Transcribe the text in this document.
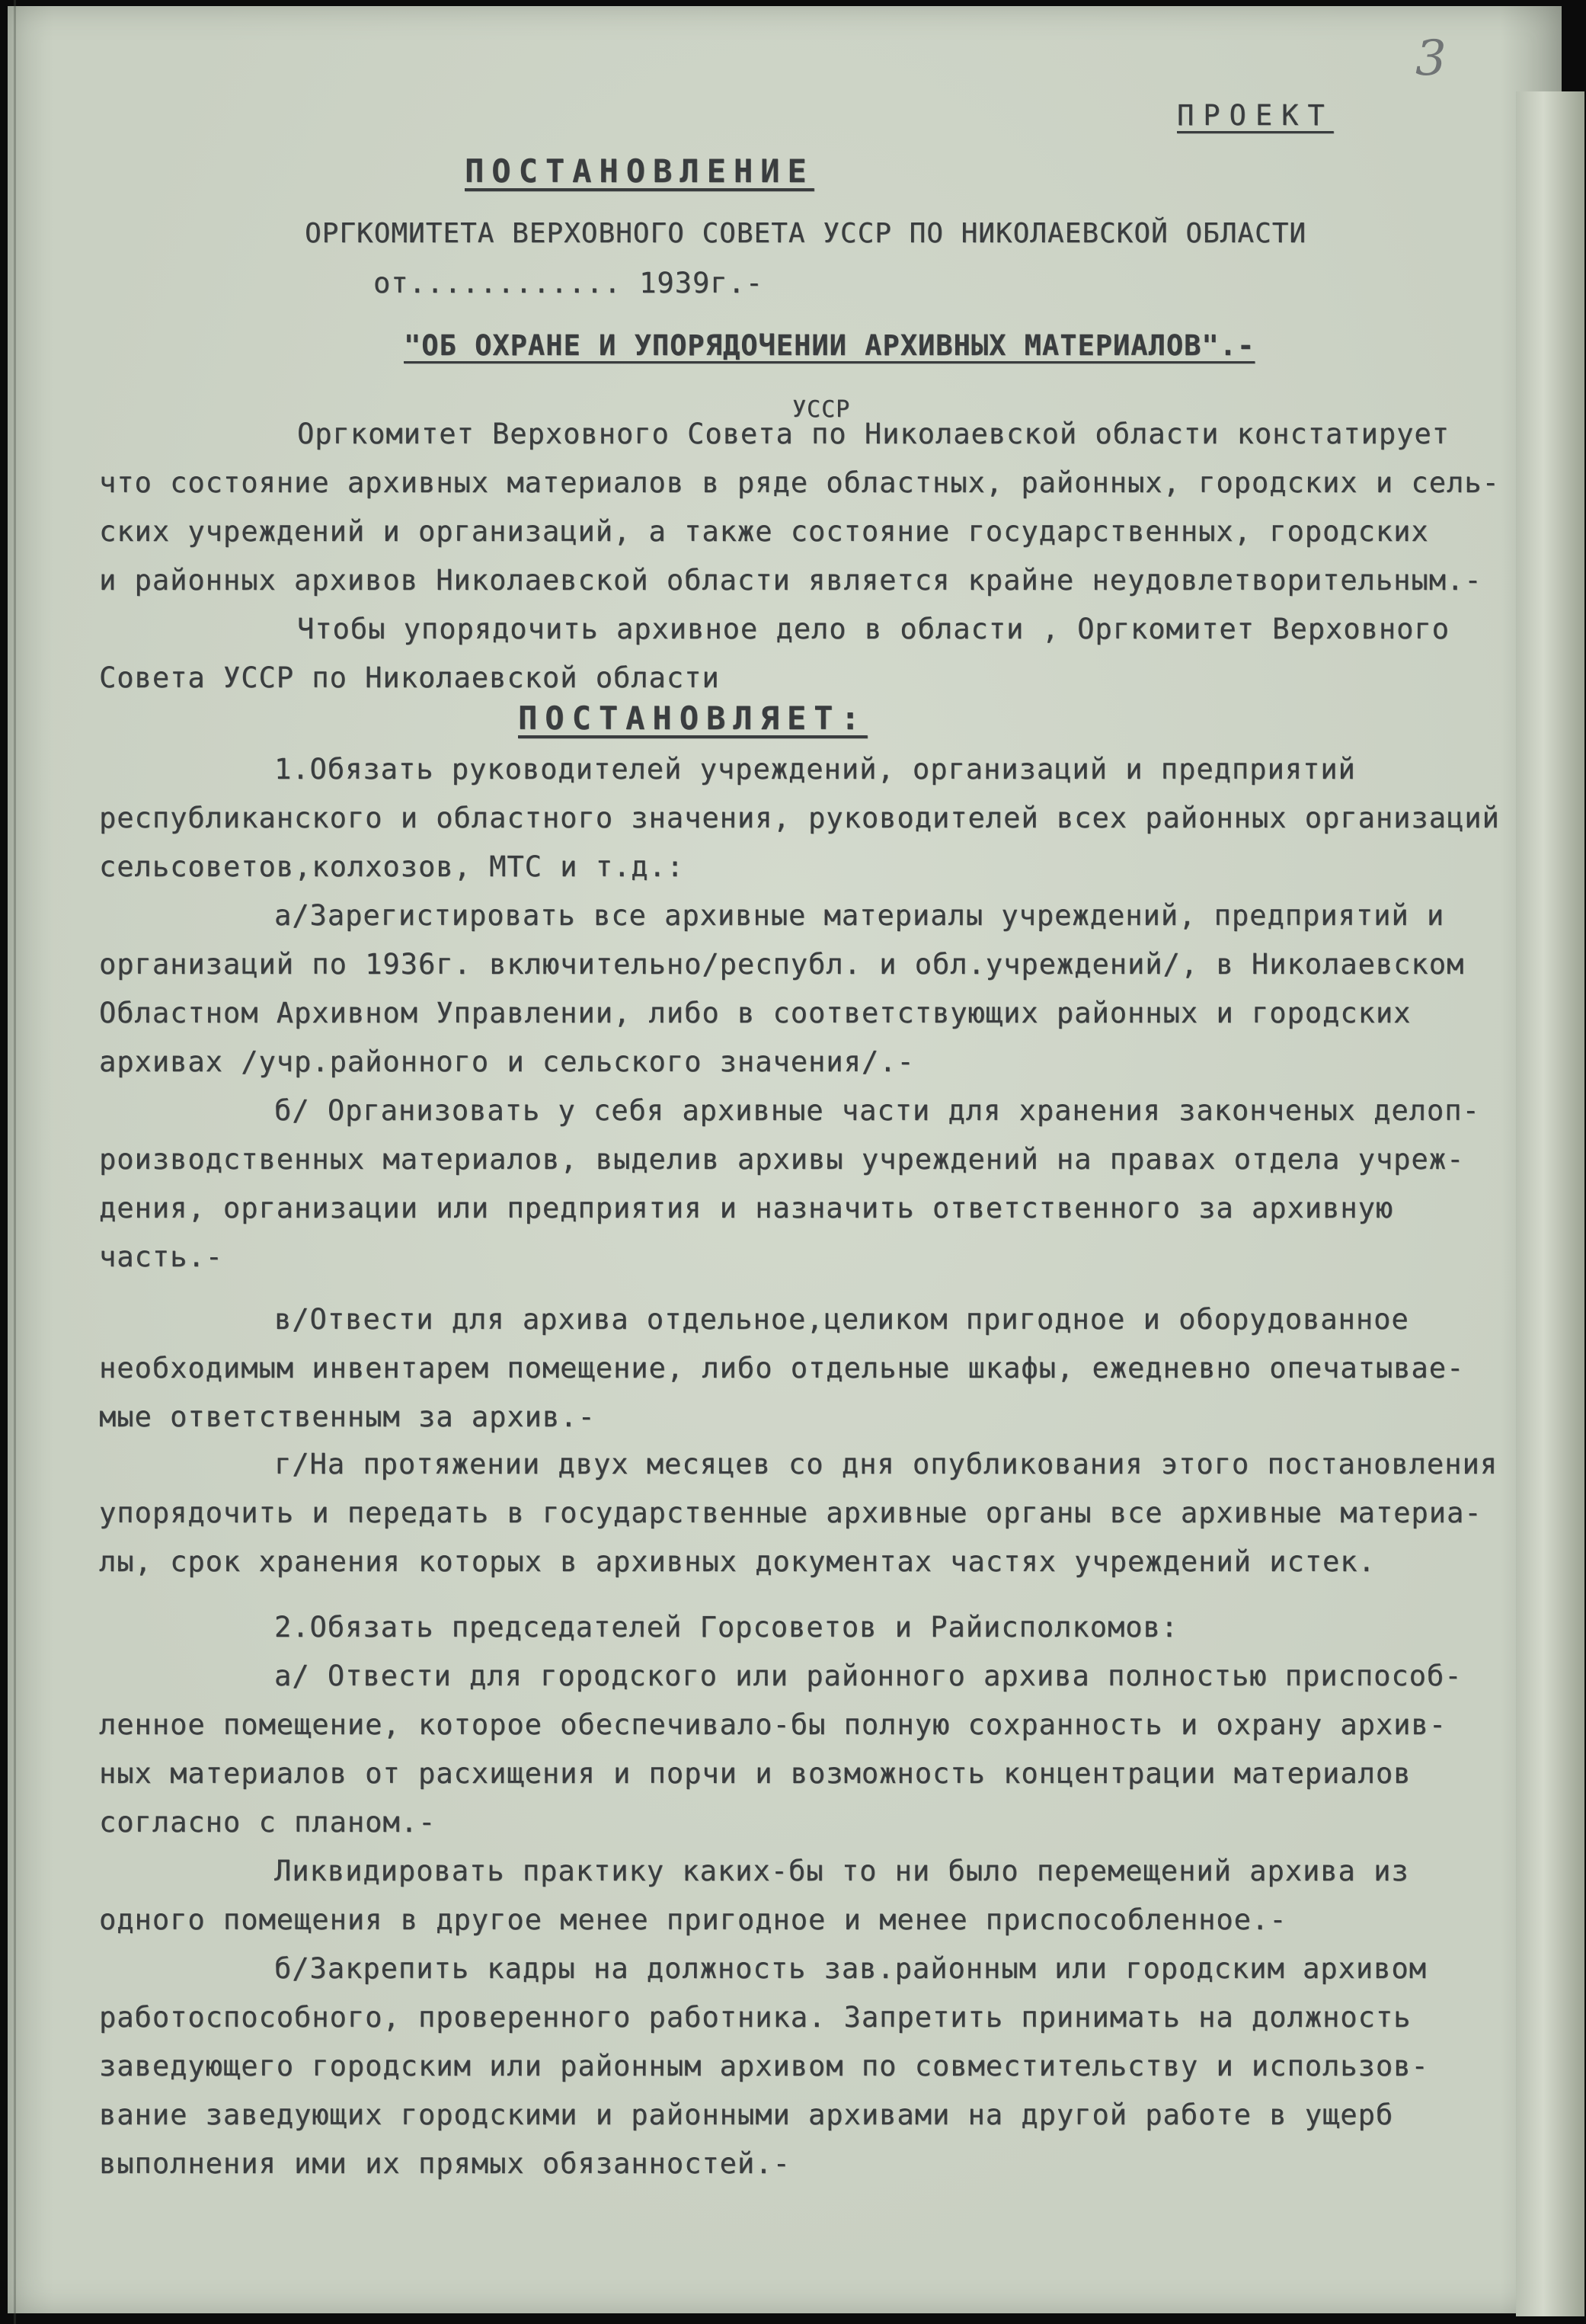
3
ПРОЕКТ
ПОСТАНОВЛЕНИЕ
ОРГКОМИТЕТА ВЕРХОВНОГО СОВЕТА УССР ПО НИКОЛАЕВСКОЙ ОБЛАСТИ
от............ 1939г.-
"ОБ ОХРАНЕ И УПОРЯДОЧЕНИИ АРХИВНЫХ МАТЕРИАЛОВ".-
УССР
Оргкомитет Верховного Совета по Николаевской области констатирует
что состояние архивных материалов в ряде областных, районных, городских и сель-
ских учреждений и организаций, а также состояние государственных, городских
и районных архивов Николаевской области является крайне неудовлетворительным.-
Чтобы упорядочить архивное дело в области , Оргкомитет Верховного
Совета УССР по Николаевской области
ПОСТАНОВЛЯЕТ:
1.Обязать руководителей учреждений, организаций и предприятий
республиканского и областного значения, руководителей всех районных организаций
сельсоветов,колхозов, МТС и т.д.:
а/Зарегистировать все архивные материалы учреждений, предприятий и
организаций по 1936г. включительно/республ. и обл.учреждений/, в Николаевском
Областном Архивном Управлении, либо в соответствующих районных и городских
архивах /учр.районного и сельского значения/.-
б/ Организовать у себя архивные части для хранения законченых делоп-
роизводственных материалов, выделив архивы учреждений на правах отдела учреж-
дения, организации или предприятия и назначить ответственного за архивную
часть.-
в/Отвести для архива отдельное,целиком пригодное и оборудованное
необходимым инвентарем помещение, либо отдельные шкафы, ежедневно опечатывае-
мые ответственным за архив.-
г/На протяжении двух месяцев со дня опубликования этого постановления
упорядочить и передать в государственные архивные органы все архивные материа-
лы, срок хранения которых в архивных документах частях учреждений истек.
2.Обязать председателей Горсоветов и Райисполкомов:
а/ Отвести для городского или районного архива полностью приспособ-
ленное помещение, которое обеспечивало-бы полную сохранность и охрану архив-
ных материалов от расхищения и порчи и возможность концентрации материалов
согласно с планом.-
Ликвидировать практику каких-бы то ни было перемещений архива из
одного помещения в другое менее пригодное и менее приспособленное.-
б/Закрепить кадры на должность зав.районным или городским архивом
работоспособного, проверенного работника. Запретить принимать на должность
заведующего городским или районным архивом по совместительству и использов-
вание заведующих городскими и районными архивами на другой работе в ущерб
выполнения ими их прямых обязанностей.-
